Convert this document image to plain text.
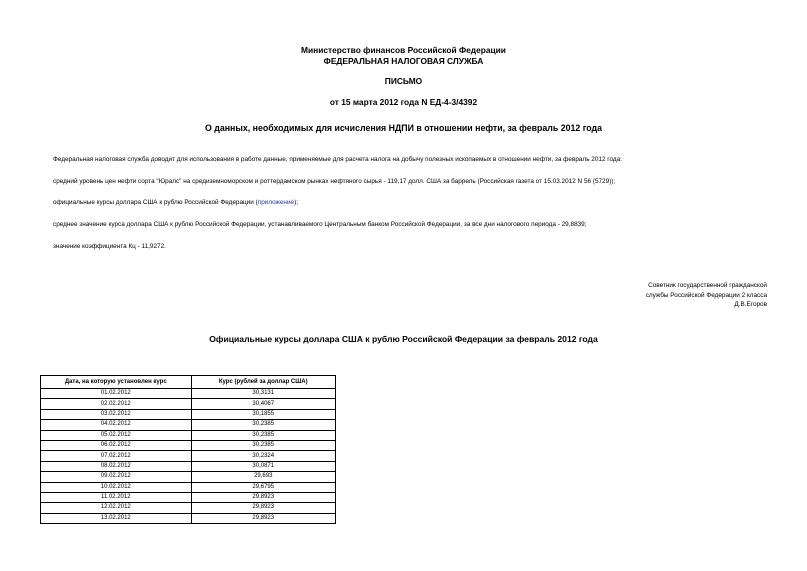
Министерство финансов Российской Федерации
ФЕДЕРАЛЬНАЯ НАЛОГОВАЯ СЛУЖБА
ПИСЬМО
от 15 марта 2012 года N ЕД-4-3/4392
О данных, необходимых для исчисления НДПИ в отношении нефти, за февраль 2012 года

Федеральная налоговая служба доводит для использования в работе данные, применяемые для расчета налога на добычу полезных ископаемых в отношении нефти, за февраль 2012 года:

средний уровень цен нефти сорта "Юралс" на средиземноморском и роттердамском рынках нефтяного сырья - 119,17 долл. США за баррель (Российская газета от 15.03.2012 N 56 (5729));

официальные курсы доллара США к рублю Российской Федерации (приложение);

среднее значение курса доллара США к рублю Российской Федерации, устанавливаемого Центральным банком Российской Федерации, за все дни налогового периода - 29,8839;

значение коэффициента Кц - 11,9272.

Советник государственной гражданской
службы Российской Федерации 2 класса
Д.В.Егоров
Официальные курсы доллара США к рублю Российской Федерации за февраль 2012 года
Дата, на которую установлен курс	Курс (рублей за доллар США)
01.02.2012	30,3131
02.02.2012	30,4067
03.02.2012	30,1855
04.02.2012	30,2385
05.02.2012	30,2385
06.02.2012	30,2385
07.02.2012	30,2324
08.02.2012	30,0871
09.02.2012	29,693
10.02.2012	29,6795
11.02.2012	29,8923
12.02.2012	29,8923
13.02.2012	29,8923
